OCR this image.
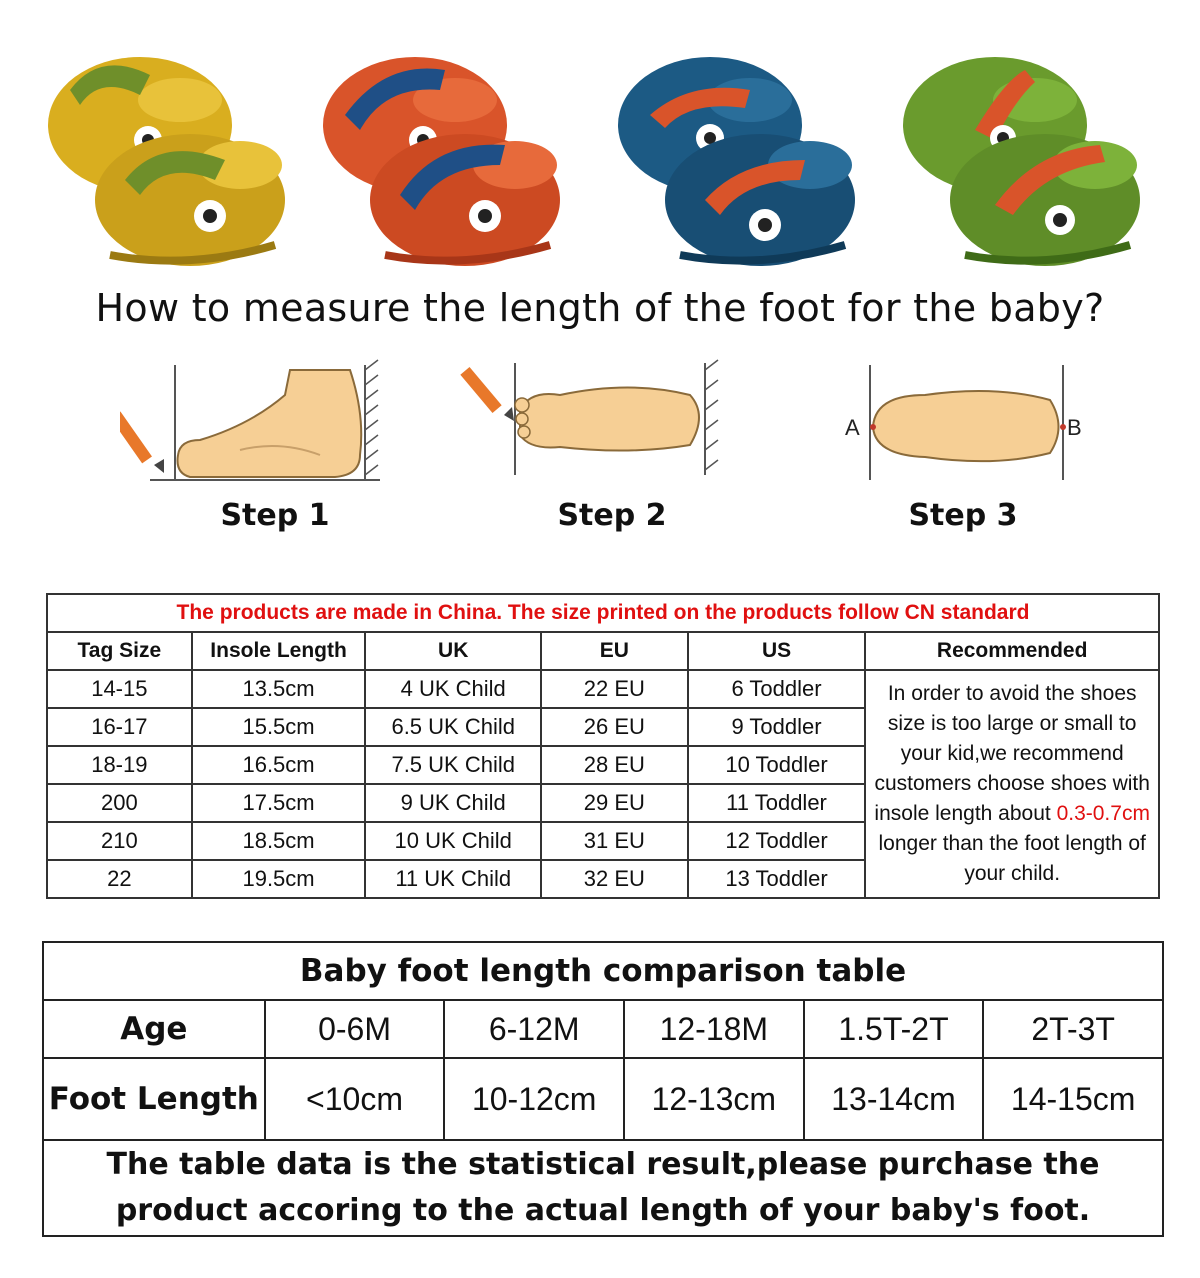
How to measure the length of the foot for the baby?
A	B
Step 1	Step 2	Step 3
The products are made in China. The size printed on the products follow CN standard					
Tag Size	Insole Length	UK	EU	US	Recommended
14-15	13.5cm	4 UK Child	22 EU	6 Toddler	In order to avoid the shoes size is too large or small to your kid,we recommend customers choose shoes with insole length about 0.3-0.7cm longer than the foot length of your child.
16-17	15.5cm	6.5 UK Child	26 EU	9 Toddler	
18-19	16.5cm	7.5 UK Child	28 EU	10 Toddler	
200	17.5cm	9 UK Child	29 EU	11 Toddler	
210	18.5cm	10 UK Child	31 EU	12 Toddler	
22	19.5cm	11 UK Child	32 EU	13 Toddler	
Baby foot length comparison table					
Age	0-6M	6-12M	12-18M	1.5T-2T	2T-3T
Foot Length	<10cm	10-12cm	12-13cm	13-14cm	14-15cm
The table data is the statistical result,please purchase the product accoring to the actual length of your baby's foot.					
